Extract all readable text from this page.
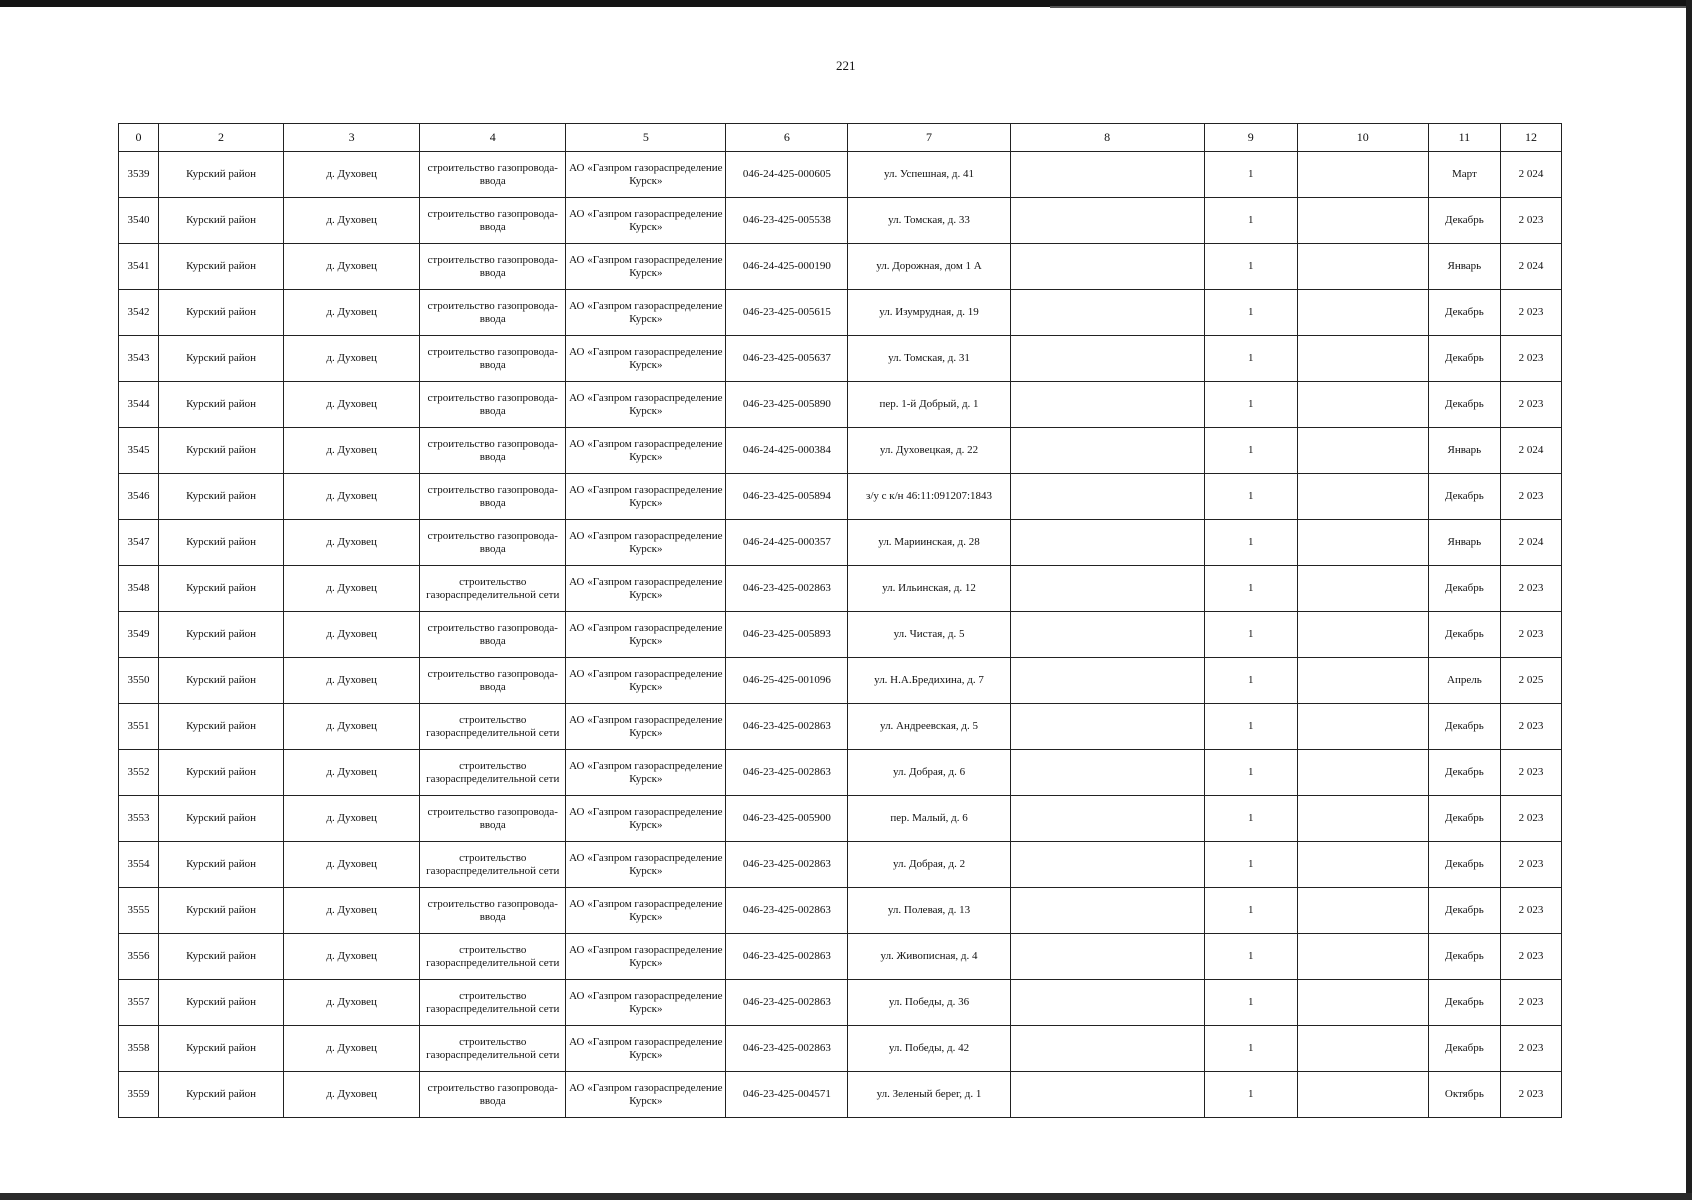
221
0	2	3	4	5	6	7	8	9	10	11	12
3539	Курский район	д. Духовец	строительство газопровода-ввода	АО «Газпром газораспределение Курск»	046-24-425-000605	ул. Успешная, д. 41		1		Март	2 024
3540	Курский район	д. Духовец	строительство газопровода-ввода	АО «Газпром газораспределение Курск»	046-23-425-005538	ул. Томская, д. 33		1		Декабрь	2 023
3541	Курский район	д. Духовец	строительство газопровода-ввода	АО «Газпром газораспределение Курск»	046-24-425-000190	ул. Дорожная, дом 1 А		1		Январь	2 024
3542	Курский район	д. Духовец	строительство газопровода-ввода	АО «Газпром газораспределение Курск»	046-23-425-005615	ул. Изумрудная, д. 19		1		Декабрь	2 023
3543	Курский район	д. Духовец	строительство газопровода-ввода	АО «Газпром газораспределение Курск»	046-23-425-005637	ул. Томская, д. 31		1		Декабрь	2 023
3544	Курский район	д. Духовец	строительство газопровода-ввода	АО «Газпром газораспределение Курск»	046-23-425-005890	пер. 1-й Добрый, д. 1		1		Декабрь	2 023
3545	Курский район	д. Духовец	строительство газопровода-ввода	АО «Газпром газораспределение Курск»	046-24-425-000384	ул. Духовецкая, д. 22		1		Январь	2 024
3546	Курский район	д. Духовец	строительство газопровода-ввода	АО «Газпром газораспределение Курск»	046-23-425-005894	з/у с к/н 46:11:091207:1843		1		Декабрь	2 023
3547	Курский район	д. Духовец	строительство газопровода-ввода	АО «Газпром газораспределение Курск»	046-24-425-000357	ул. Мариинская, д. 28		1		Январь	2 024
3548	Курский район	д. Духовец	строительство газораспределительной сети	АО «Газпром газораспределение Курск»	046-23-425-002863	ул. Ильинская, д. 12		1		Декабрь	2 023
3549	Курский район	д. Духовец	строительство газопровода-ввода	АО «Газпром газораспределение Курск»	046-23-425-005893	ул. Чистая, д. 5		1		Декабрь	2 023
3550	Курский район	д. Духовец	строительство газопровода-ввода	АО «Газпром газораспределение Курск»	046-25-425-001096	ул. Н.А.Бредихина, д. 7		1		Апрель	2 025
3551	Курский район	д. Духовец	строительство газораспределительной сети	АО «Газпром газораспределение Курск»	046-23-425-002863	ул. Андреевская, д. 5		1		Декабрь	2 023
3552	Курский район	д. Духовец	строительство газораспределительной сети	АО «Газпром газораспределение Курск»	046-23-425-002863	ул. Добрая, д. 6		1		Декабрь	2 023
3553	Курский район	д. Духовец	строительство газопровода-ввода	АО «Газпром газораспределение Курск»	046-23-425-005900	пер. Малый, д. 6		1		Декабрь	2 023
3554	Курский район	д. Духовец	строительство газораспределительной сети	АО «Газпром газораспределение Курск»	046-23-425-002863	ул. Добрая, д. 2		1		Декабрь	2 023
3555	Курский район	д. Духовец	строительство газопровода-ввода	АО «Газпром газораспределение Курск»	046-23-425-002863	ул. Полевая, д. 13		1		Декабрь	2 023
3556	Курский район	д. Духовец	строительство газораспределительной сети	АО «Газпром газораспределение Курск»	046-23-425-002863	ул. Живописная, д. 4		1		Декабрь	2 023
3557	Курский район	д. Духовец	строительство газораспределительной сети	АО «Газпром газораспределение Курск»	046-23-425-002863	ул. Победы, д. 36		1		Декабрь	2 023
3558	Курский район	д. Духовец	строительство газораспределительной сети	АО «Газпром газораспределение Курск»	046-23-425-002863	ул. Победы, д. 42		1		Декабрь	2 023
3559	Курский район	д. Духовец	строительство газопровода-ввода	АО «Газпром газораспределение Курск»	046-23-425-004571	ул. Зеленый берег, д. 1		1		Октябрь	2 023
